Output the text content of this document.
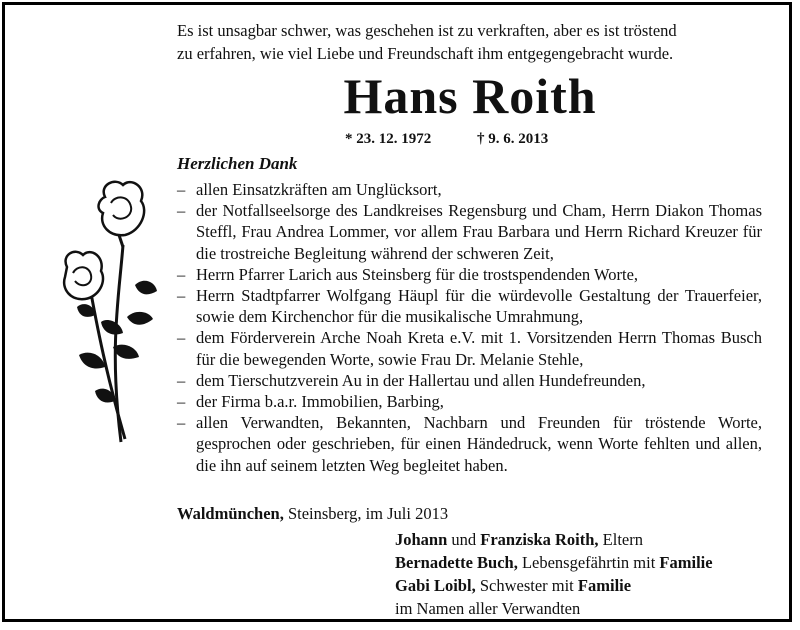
Es ist unsagbar schwer, was geschehen ist zu verkraften, aber es ist tröstend
zu erfahren, wie viel Liebe und Freundschaft ihm entgegengebracht wurde.
Hans Roith
* 23. 12. 1972	† 9. 6. 2013
Herzlichen Dank
– allen Einsatzkräften am Unglücksort,
– der Notfallseelsorge des Landkreises Regensburg und Cham, Herrn Diakon Thomas Steffl, Frau Andrea Lommer, vor allem Frau Barbara und Herrn Richard Kreuzer für die trostreiche Begleitung während der schweren Zeit,
– Herrn Pfarrer Larich aus Steinsberg für die trostspendenden Worte,
– Herrn Stadtpfarrer Wolfgang Häupl für die würdevolle Gestaltung der Trauerfeier, sowie dem Kirchenchor für die musikalische Umrahmung,
– dem Förderverein Arche Noah Kreta e.V. mit 1. Vorsitzenden Herrn Thomas Busch für die bewegenden Worte, sowie Frau Dr. Melanie Stehle,
– dem Tierschutzverein Au in der Hallertau und allen Hundefreunden,
– der Firma b.a.r. Immobilien, Barbing,
– allen Verwandten, Bekannten, Nachbarn und Freunden für tröstende Worte, gesprochen oder geschrieben, für einen Händedruck, wenn Worte fehlten und allen, die ihn auf seinem letzten Weg begleitet haben.
Waldmünchen, Steinsberg, im Juli 2013
Johann und Franziska Roith, Eltern
Bernadette Buch, Lebensgefährtin mit Familie
Gabi Loibl, Schwester mit Familie
im Namen aller Verwandten
